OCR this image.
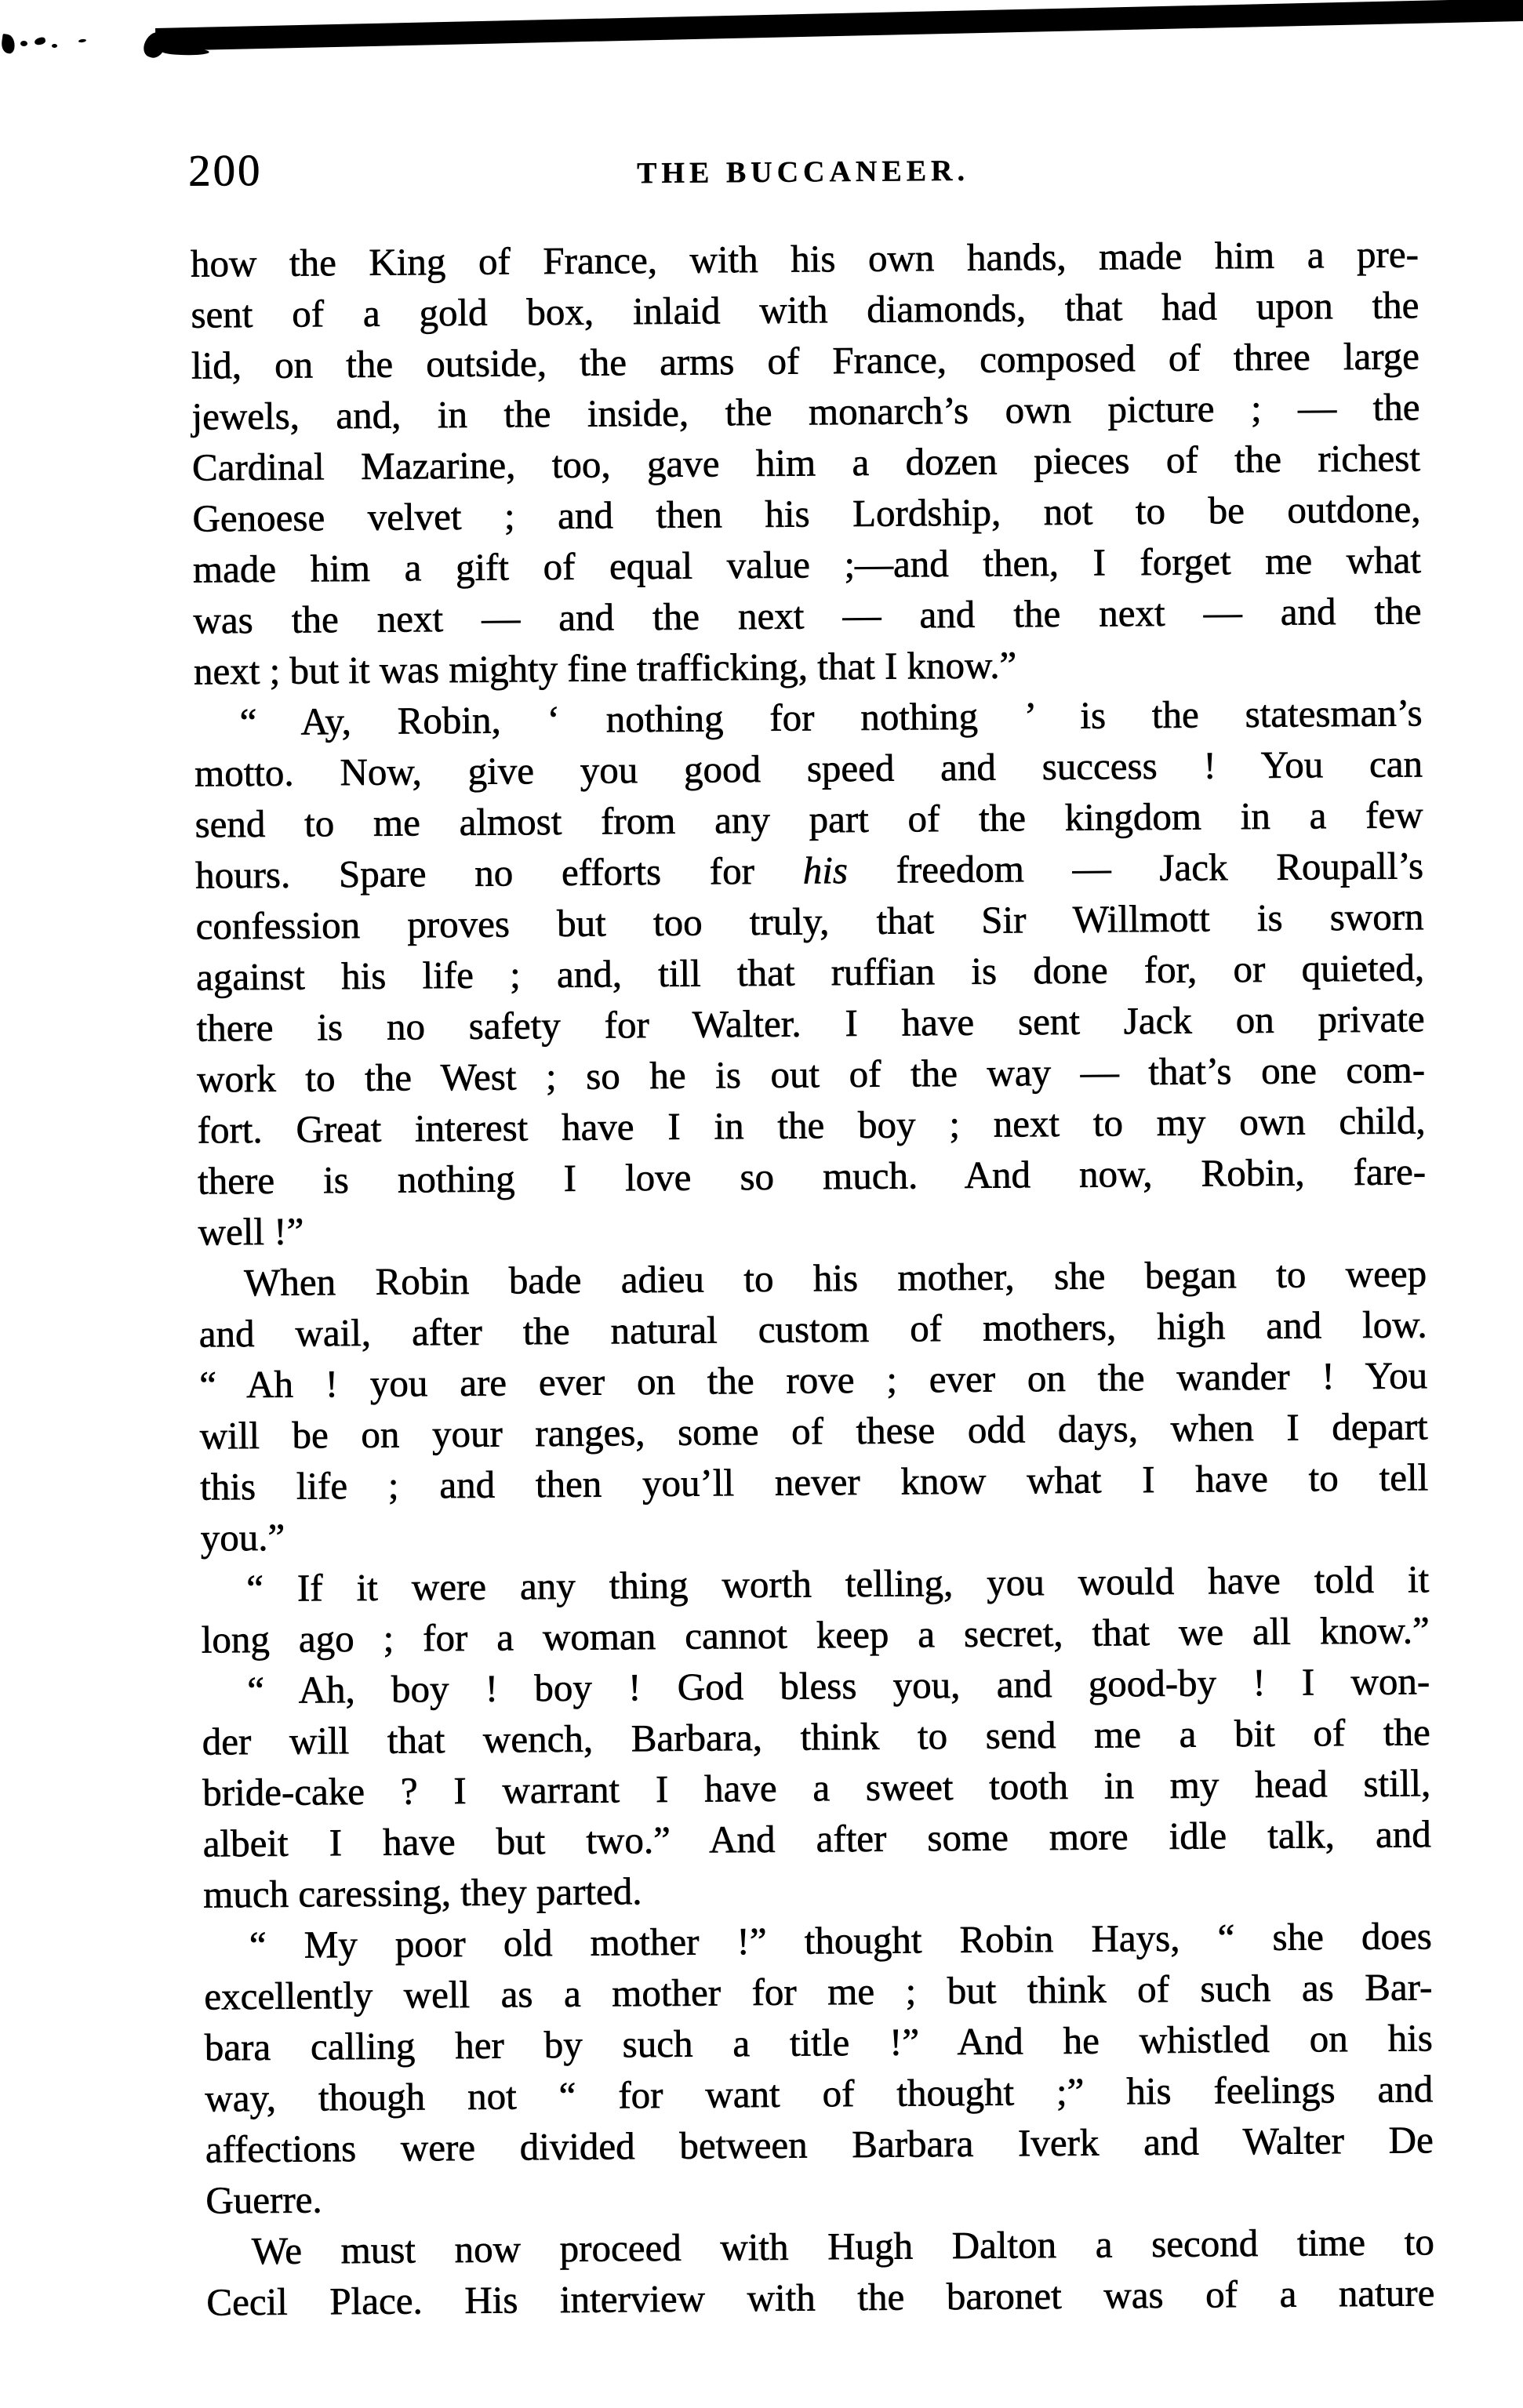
200	THE BUCCANEER.
how the King of France, with his own hands, made him a pre-
sent of a gold box, inlaid with diamonds, that had upon the
lid, on the outside, the arms of France, composed of three large
jewels, and, in the inside, the monarch’s own picture ; — the
Cardinal Mazarine, too, gave him a dozen pieces of the richest
Genoese velvet ; and then his Lordship, not to be outdone,
made him a gift of equal value ;—and then, I forget me what
was the next — and the next — and the next — and the
next ; but it was mighty fine trafficking, that I know.”
“ Ay, Robin, ‘ nothing for nothing ’ is the statesman’s
motto. Now, give you good speed and success ! You can
send to me almost from any part of the kingdom in a few
hours. Spare no efforts for his freedom — Jack Roupall’s
confession proves but too truly, that Sir Willmott is sworn
against his life ; and, till that ruffian is done for, or quieted,
there is no safety for Walter. I have sent Jack on private
work to the West ; so he is out of the way — that’s one com-
fort. Great interest have I in the boy ; next to my own child,
there is nothing I love so much. And now, Robin, fare-
well !”
When Robin bade adieu to his mother, she began to weep
and wail, after the natural custom of mothers, high and low.
“ Ah ! you are ever on the rove ; ever on the wander ! You
will be on your ranges, some of these odd days, when I depart
this life ; and then you’ll never know what I have to tell
you.”
“ If it were any thing worth telling, you would have told it
long ago ; for a woman cannot keep a secret, that we all know.”
“ Ah, boy ! boy ! God bless you, and good-by ! I won-
der will that wench, Barbara, think to send me a bit of the
bride-cake ? I warrant I have a sweet tooth in my head still,
albeit I have but two.” And after some more idle talk, and
much caressing, they parted.
“ My poor old mother !” thought Robin Hays, “ she does
excellently well as a mother for me ; but think of such as Bar-
bara calling her by such a title !” And he whistled on his
way, though not “ for want of thought ;” his feelings and
affections were divided between Barbara Iverk and Walter De
Guerre.
We must now proceed with Hugh Dalton a second time to
Cecil Place. His interview with the baronet was of a nature
